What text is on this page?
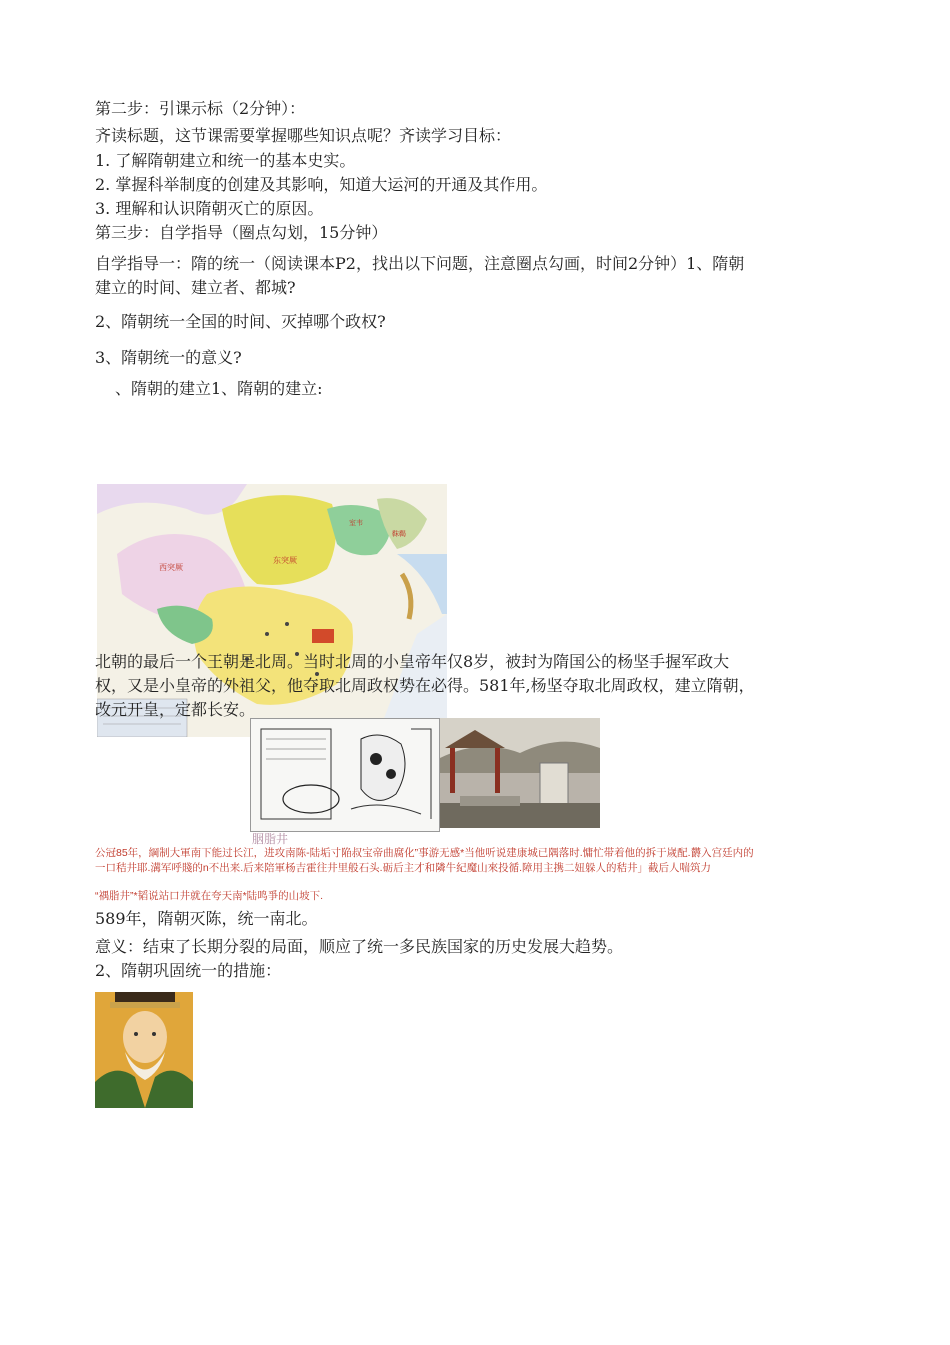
第二步：引课示标（2分钟）：
齐读标题，这节课需要掌握哪些知识点呢？齐读学习目标：
1. 了解隋朝建立和统一的基本史实。
2. 掌握科举制度的创建及其影响，知道大运河的开通及其作用。
3. 理解和认识隋朝灭亡的原因。
第三步：自学指导（圈点勾划，15分钟）
自学指导一：隋的统一（阅读课本P2，找出以下问题，注意圈点勾画，时间2分钟）1、隋朝建立的时间、建立者、都城?
2、隋朝统一全国的时间、灭掉哪个政权?
3、隋朝统一的意义?
、隋朝的建立1、隋朝的建立:
西突厥
东突厥
室韦
靺鞨
北朝的最后一个王朝是北周。当时北周的小皇帝年仅8岁，被封为隋国公的杨坚手握军政大权，又是小皇帝的外祖父，他夺取北周政权势在必得。581年,杨坚夺取北周政权，建立隋朝，改元开皇，定都长安。
胭脂井
公冠85年，綱制大軍南下能过长江，进攻南陈-陆垢寸陥叔宝帝曲腐化”事游无感*当他听说建康城已隅落时.慵忙带着他的拆于嵗配.欝入宫廷内的一口秸井耶.溝军呼賤的n不出来.后来陪軍杨吉霍往井里般石头.砺后主才和隣牛紀魔山來投循.障用主携二妞躲人的秸井」截后人喘筑力
“禑脂井”*韬说站口井就在夸天南*陆鸣爭的山坡下.
589年，隋朝灭陈，统一南北。
意义：结束了长期分裂的局面，顺应了统一多民族国家的历史发展大趋势。
2、隋朝巩固统一的措施：
